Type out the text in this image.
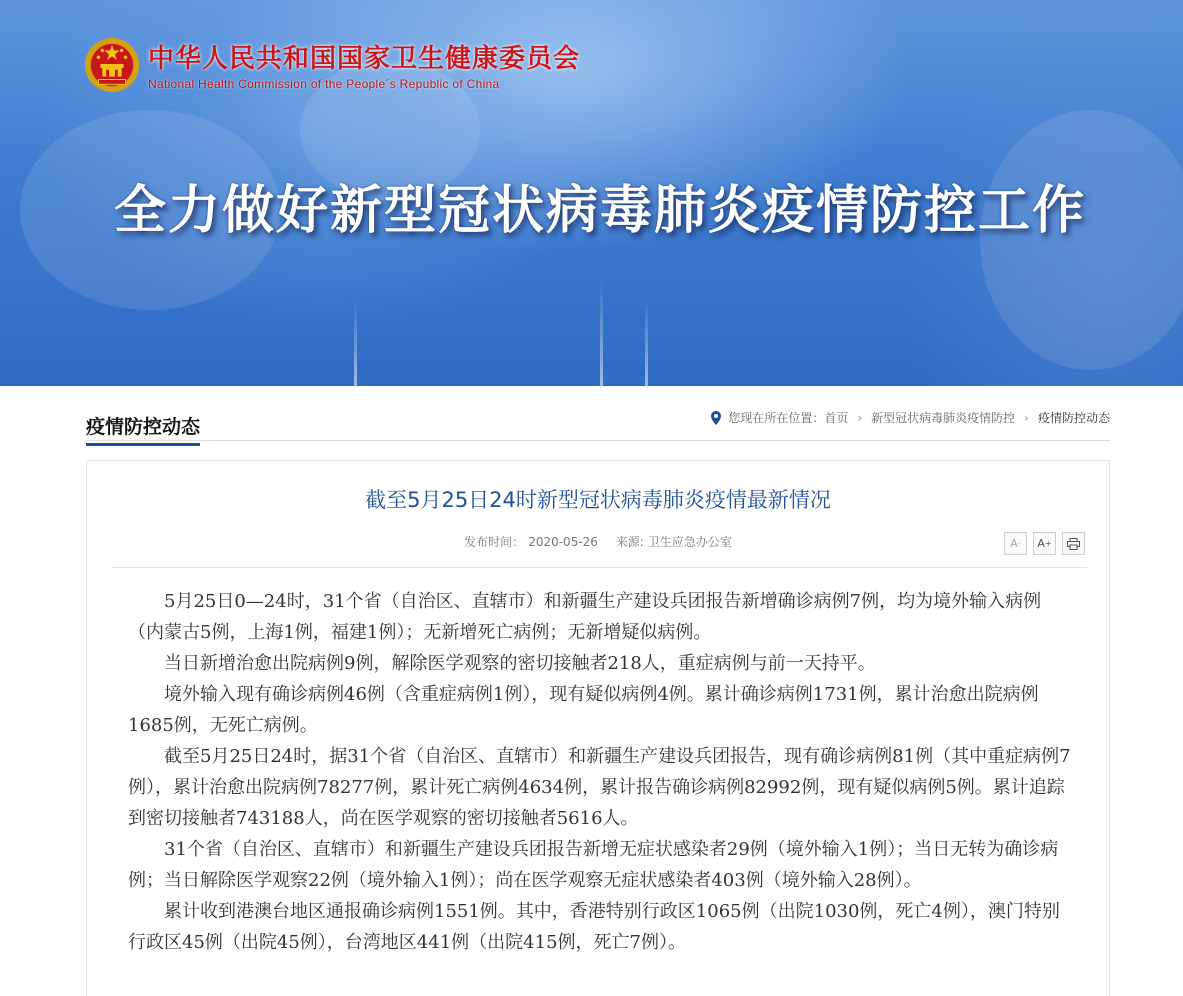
中华人民共和国国家卫生健康委员会
National Health Commission of the People´s Republic of China
全力做好新型冠状病毒肺炎疫情防控工作
疫情防控动态	您现在所在位置： 首页 › 新型冠状病毒肺炎疫情防控 › 疫情防控动态
截至5月25日24时新型冠状病毒肺炎疫情最新情况
发布时间： 2020-05-26 来源: 卫生应急办公室	A - A +

5月25日0—24时，31个省（自治区、直辖市）和新疆生产建设兵团报告新增确诊病例7例，均为境外输入病例（内蒙古5例，上海1例，福建1例）；无新增死亡病例；无新增疑似病例。

当日新增治愈出院病例9例，解除医学观察的密切接触者218人，重症病例与前一天持平。

境外输入现有确诊病例46例（含重症病例1例），现有疑似病例4例。累计确诊病例1731例，累计治愈出院病例1685例，无死亡病例。

截至5月25日24时，据31个省（自治区、直辖市）和新疆生产建设兵团报告，现有确诊病例81例（其中重症病例7例），累计治愈出院病例78277例，累计死亡病例4634例，累计报告确诊病例82992例，现有疑似病例5例。累计追踪到密切接触者743188人，尚在医学观察的密切接触者5616人。

31个省（自治区、直辖市）和新疆生产建设兵团报告新增无症状感染者29例（境外输入1例）；当日无转为确诊病例；当日解除医学观察22例（境外输入1例）；尚在医学观察无症状感染者403例（境外输入28例）。

累计收到港澳台地区通报确诊病例1551例。其中，香港特别行政区1065例（出院1030例，死亡4例），澳门特别行政区45例（出院45例），台湾地区441例（出院415例，死亡7例）。
